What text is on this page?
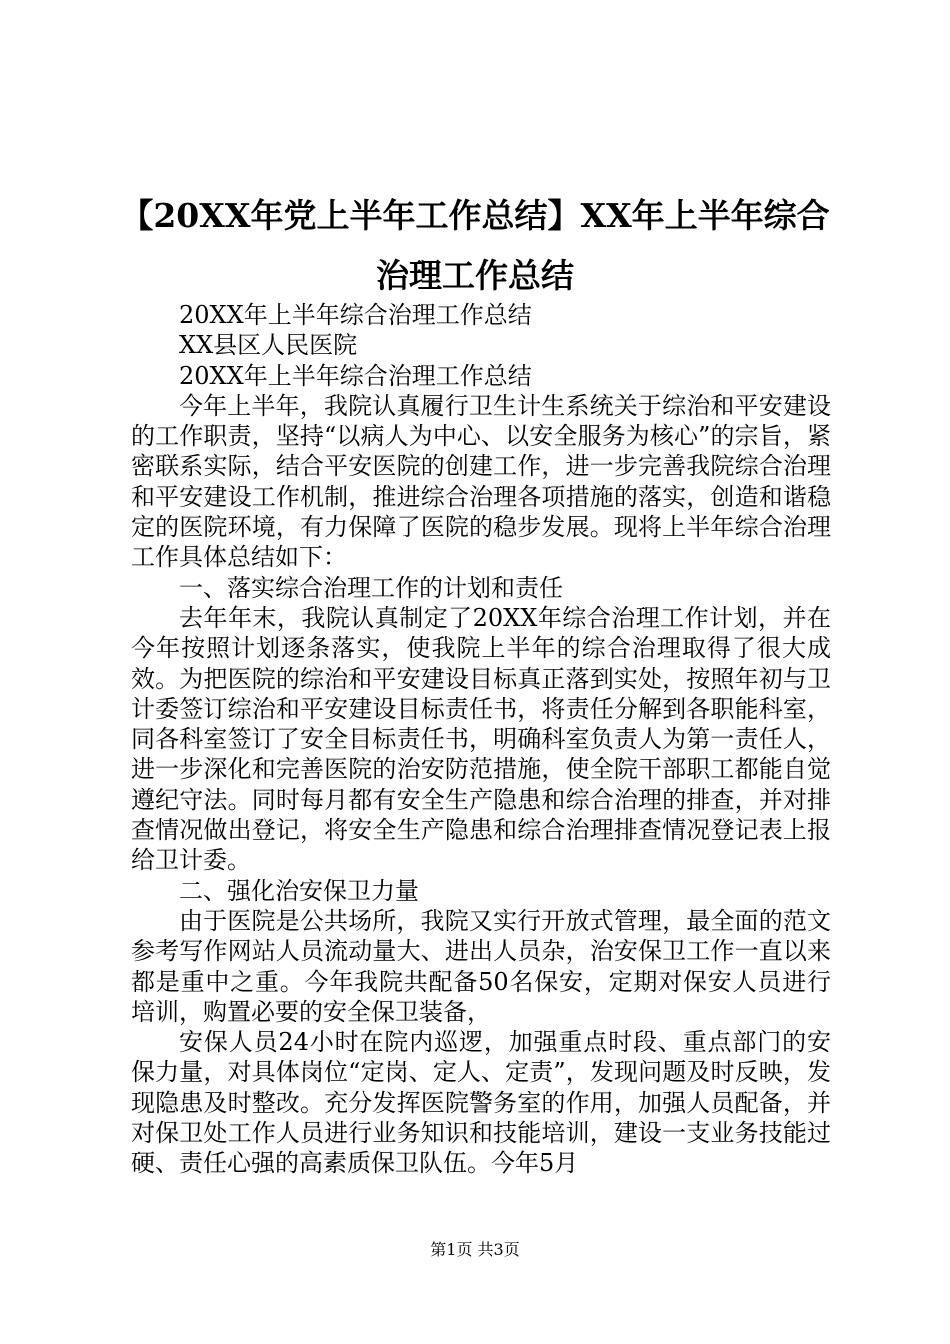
【20XX年党上半年工作总结】XX年上半年综合治理工作总结

20XX年上半年综合治理工作总结

XX县区人民医院

20XX年上半年综合治理工作总结

今年上半年，我院认真履行卫生计生系统关于综治和平安建设的工作职责，坚持“以病人为中心、以安全服务为核心”的宗旨，紧密联系实际，结合平安医院的创建工作，进一步完善我院综合治理和平安建设工作机制，推进综合治理各项措施的落实，创造和谐稳定的医院环境，有力保障了医院的稳步发展。现将上半年综合治理工作具体总结如下：

一、落实综合治理工作的计划和责任

去年年末，我院认真制定了20XX年综合治理工作计划，并在今年按照计划逐条落实，使我院上半年的综合治理取得了很大成效。为把医院的综治和平安建设目标真正落到实处，按照年初与卫计委签订综治和平安建设目标责任书，将责任分解到各职能科室，同各科室签订了安全目标责任书，明确科室负责人为第一责任人，进一步深化和完善医院的治安防范措施，使全院干部职工都能自觉遵纪守法。同时每月都有安全生产隐患和综合治理的排查，并对排查情况做出登记，将安全生产隐患和综合治理排查情况登记表上报给卫计委。

二、强化治安保卫力量

由于医院是公共场所，我院又实行开放式管理，最全面的范文参考写作网站人员流动量大、进出人员杂，治安保卫工作一直以来都是重中之重。今年我院共配备50名保安，定期对保安人员进行培训，购置必要的安全保卫装备，

安保人员24小时在院内巡逻，加强重点时段、重点部门的安保力量，对具体岗位“定岗、定人、定责”，发现问题及时反映，发现隐患及时整改。充分发挥医院警务室的作用，加强人员配备，并对保卫处工作人员进行业务知识和技能培训，建设一支业务技能过硬、责任心强的高素质保卫队伍。今年5月

第1页 共3页
